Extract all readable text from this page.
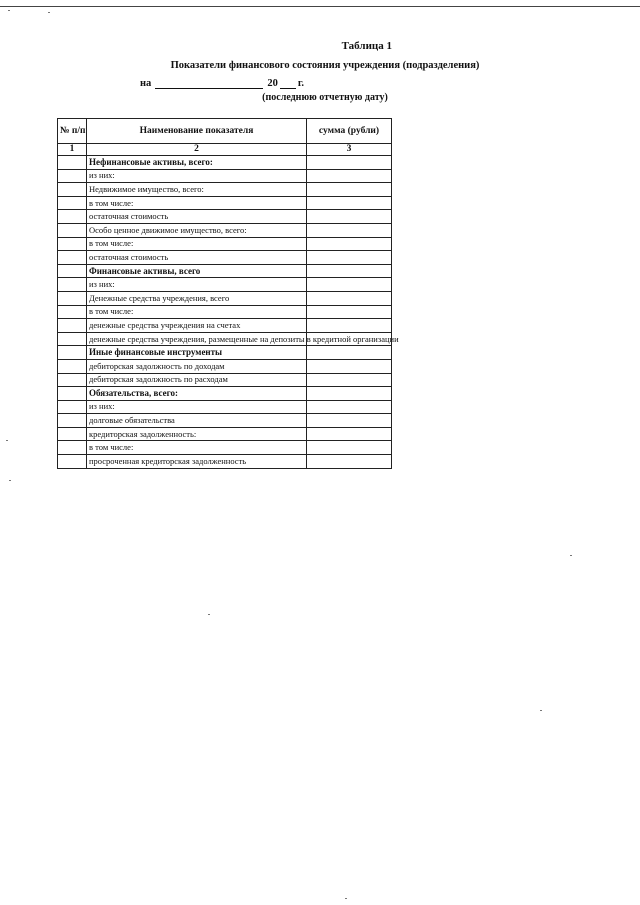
Таблица 1
Показатели финансового состояния учреждения (подразделения)
на	20 г.
(последнюю отчетную дату)
№ п/п	Наименование показателя	сумма (рубли)
1	2	3
	Нефинансовые активы, всего:	
	из них:	
	Недвижимое имущество, всего:	
	в том числе:	
	остаточная стоимость	
	Особо ценное движимое имущество, всего:	
	в том числе:	
	остаточная стоимость	
	Финансовые активы, всего	
	из них:	
	Денежные средства учреждения, всего	
	в том числе:	
	денежные средства учреждения на счетах	
	денежные средства учреждения, размещенные на депозиты в кредитной организации	
	Иные финансовые инструменты	
	дебиторская задолжность по доходам	
	дебиторская задолжность по расходам	
	Обязательства, всего:	
	из них:	
	долговые обязательства	
	кредиторская задолженность:	
	в том числе:	
	просроченная кредиторская задолженность	
